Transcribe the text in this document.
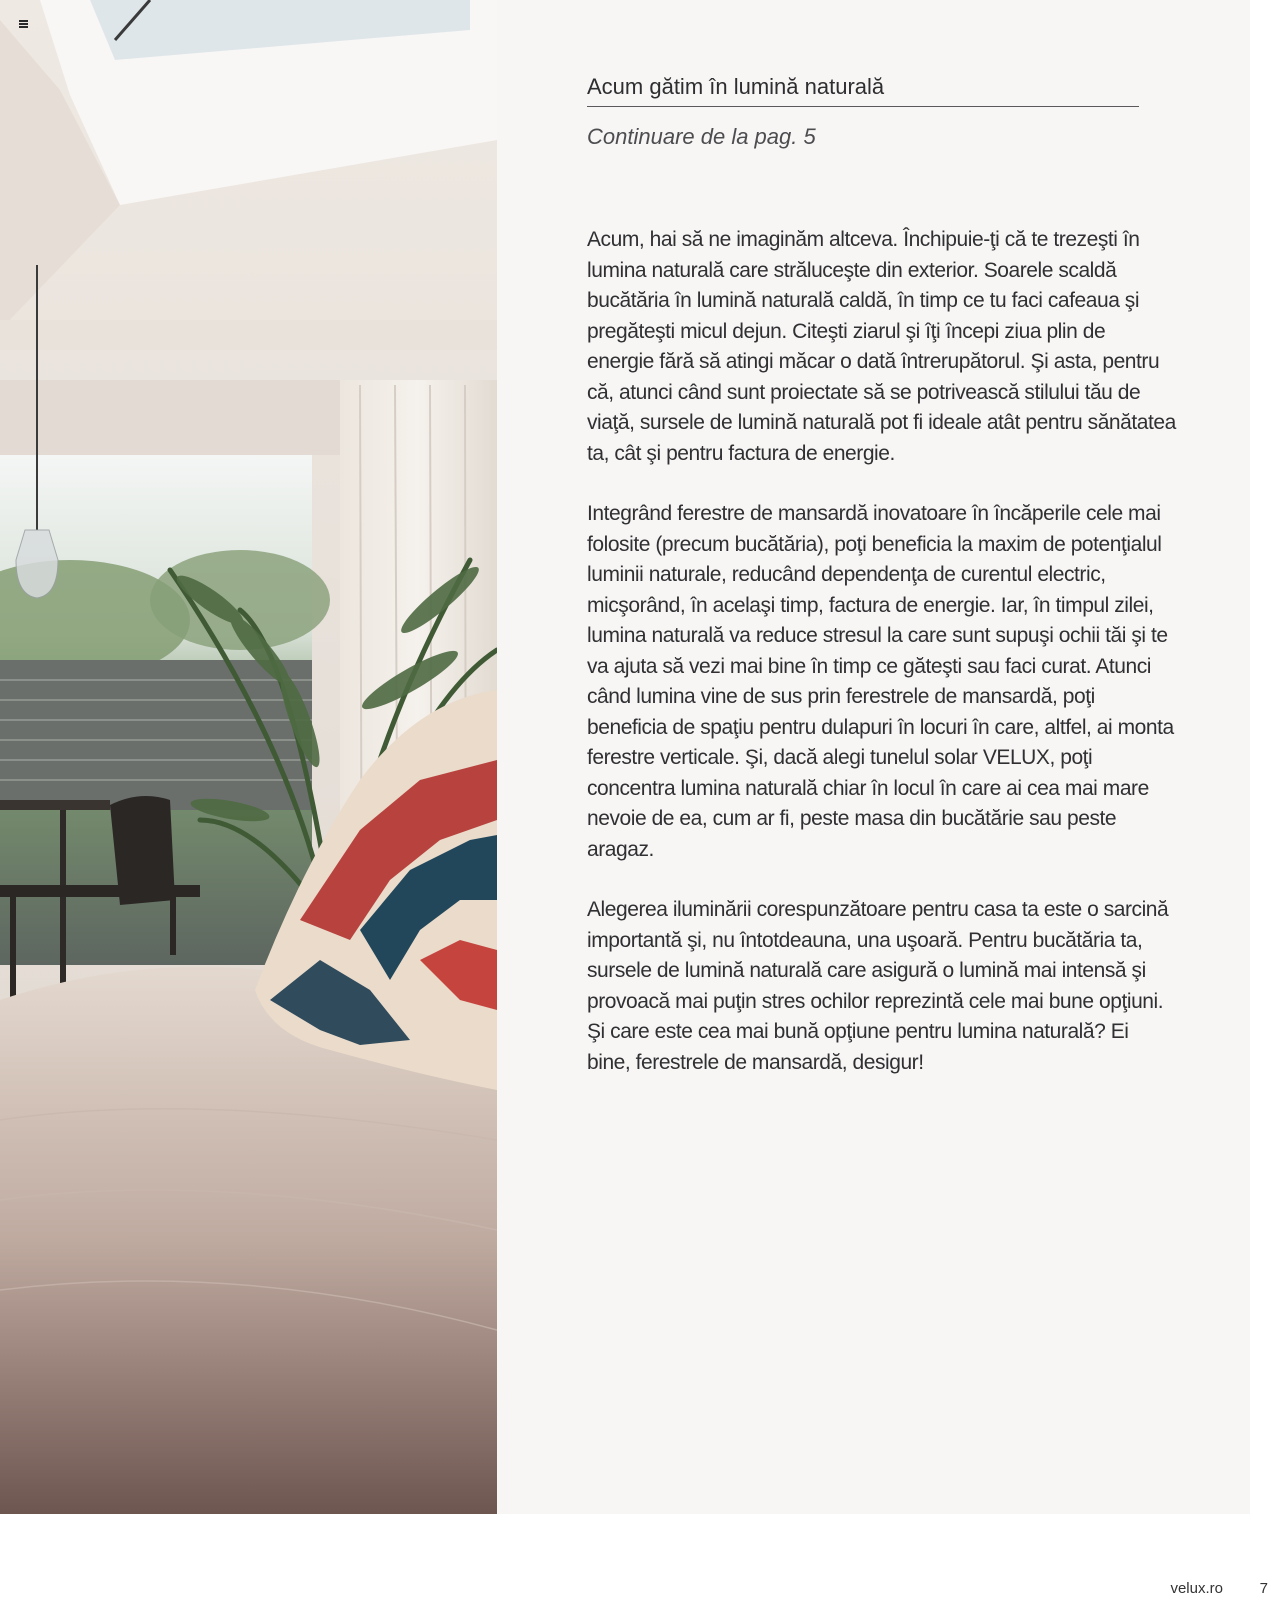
Acum gătim în lumină naturală

Continuare de la pag. 5

Acum, hai să ne imaginăm altceva. Închipuie-ţi că te trezeşti în lumina naturală care străluceşte din exterior. Soarele scaldă bucătăria în lumină naturală caldă, în timp ce tu faci cafeaua şi pregăteşti micul dejun. Citeşti ziarul şi îţi începi ziua plin de energie fără să atingi măcar o dată întrerupătorul. Şi asta, pentru că, atunci când sunt proiectate să se potrivească stilului tău de viaţă, sursele de lumină naturală pot fi ideale atât pentru sănătatea ta, cât şi pentru factura de energie.

Integrând ferestre de mansardă inovatoare în încăperile cele mai folosite (precum bucătăria), poţi beneficia la maxim de potenţialul luminii naturale, reducând dependenţa de curentul electric, micşorând, în acelaşi timp, factura de energie. Iar, în timpul zilei, lumina naturală va reduce stresul la care sunt supuşi ochii tăi şi te va ajuta să vezi mai bine în timp ce găteşti sau faci curat. Atunci când lumina vine de sus prin ferestrele de mansardă, poţi beneficia de spaţiu pentru dulapuri în locuri în care, altfel, ai monta ferestre verticale. Şi, dacă alegi tunelul solar VELUX, poţi concentra lumina naturală chiar în locul în care ai cea mai mare nevoie de ea, cum ar fi, peste masa din bucătărie sau peste aragaz.

Alegerea iluminării corespunzătoare pentru casa ta este o sarcină importantă şi, nu întotdeauna, una uşoară. Pentru bucătăria ta, sursele de lumină naturală care asigură o lumină mai intensă şi provoacă mai puţin stres ochilor reprezintă cele mai bune opţiuni. Şi care este cea mai bună opţiune pentru lumina naturală? Ei bine, ferestrele de mansardă, desigur!

velux.ro 7
